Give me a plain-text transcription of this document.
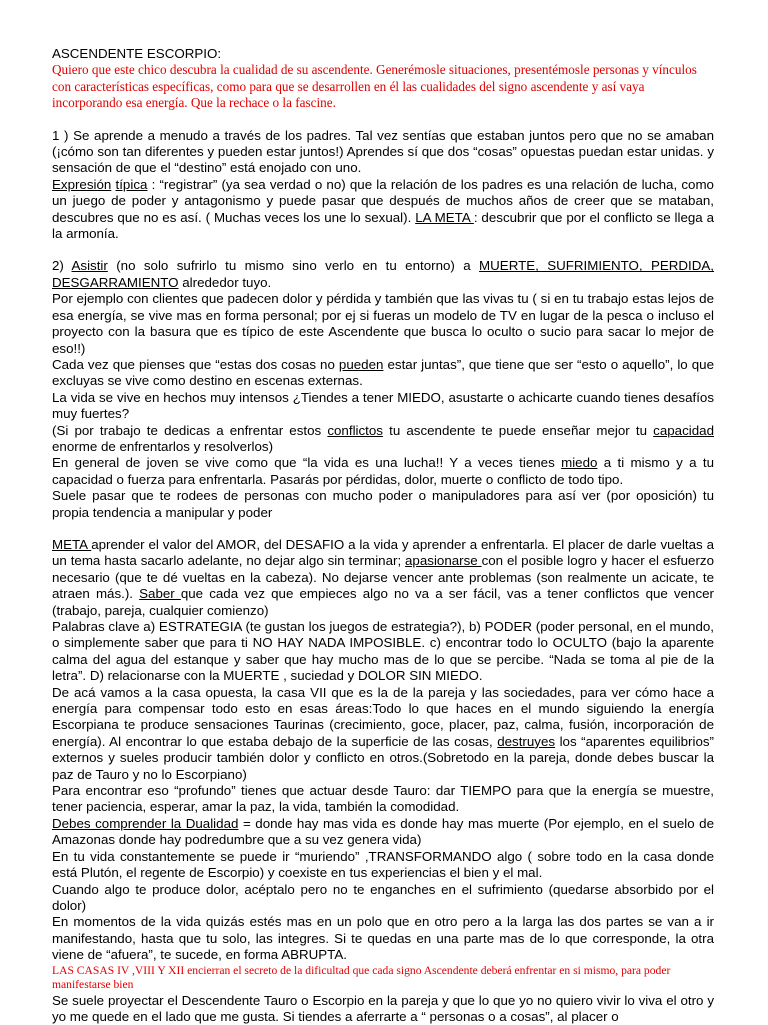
ASCENDENTE ESCORPIO:

Quiero que este chico descubra la cualidad de su ascendente. Generémosle situaciones, presentémosle personas y vínculos con características específicas, como para que se desarrollen en él las cualidades del signo ascendente y así vaya incorporando esa energía. Que la rechace o la fascine.

1 ) Se aprende a menudo a través de los padres. Tal vez sentías que estaban juntos pero que no se amaban (¡cómo son tan diferentes y pueden estar juntos!) Aprendes sí que dos “cosas” opuestas puedan estar unidas. y sensación de que el “destino” está enojado con uno.

Expresión típica : “registrar” (ya sea verdad o no) que la relación de los padres es una relación de lucha, como un juego de poder y antagonismo y puede pasar que después de muchos años de creer que se mataban, descubres que no es así. ( Muchas veces los une lo sexual). LA META : descubrir que por el conflicto se llega a la armonía.

2) Asistir (no solo sufrirlo tu mismo sino verlo en tu entorno) a MUERTE, SUFRIMIENTO, PERDIDA, DESGARRAMIENTO alrededor tuyo.

Por ejemplo con clientes que padecen dolor y pérdida y también que las vivas tu ( si en tu trabajo estas lejos de esa energía, se vive mas en forma personal; por ej si fueras un modelo de TV en lugar de la pesca o incluso el proyecto con la basura que es típico de este Ascendente que busca lo oculto o sucio para sacar lo mejor de eso!!)

Cada vez que pienses que “estas dos cosas no pueden estar juntas”, que tiene que ser “esto o aquello”, lo que excluyas se vive como destino en escenas externas.

La vida se vive en hechos muy intensos ¿Tiendes a tener MIEDO, asustarte o achicarte cuando tienes desafíos muy fuertes?

(Si por trabajo te dedicas a enfrentar estos conflictos tu ascendente te puede enseñar mejor tu capacidad enorme de enfrentarlos y resolverlos)

En general de joven se vive como que “la vida es una lucha!! Y a veces tienes miedo a ti mismo y a tu capacidad o fuerza para enfrentarla. Pasarás por pérdidas, dolor, muerte o conflicto de todo tipo.

Suele pasar que te rodees de personas con mucho poder o manipuladores para así ver (por oposición) tu propia tendencia a manipular y poder

META aprender el valor del AMOR, del DESAFIO a la vida y aprender a enfrentarla. El placer de darle vueltas a un tema hasta sacarlo adelante, no dejar algo sin terminar; apasionarse con el posible logro y hacer el esfuerzo necesario (que te dé vueltas en la cabeza). No dejarse vencer ante problemas (son realmente un acicate, te atraen más.). Saber que cada vez que empieces algo no va a ser fácil, vas a tener conflictos que vencer (trabajo, pareja, cualquier comienzo)

Palabras clave a) ESTRATEGIA (te gustan los juegos de estrategia?), b) PODER (poder personal, en el mundo, o simplemente saber que para ti NO HAY NADA IMPOSIBLE. c) encontrar todo lo OCULTO (bajo la aparente calma del agua del estanque y saber que hay mucho mas de lo que se percibe. “Nada se toma al pie de la letra”. D) relacionarse con la MUERTE , suciedad y DOLOR SIN MIEDO.

De acá vamos a la casa opuesta, la casa VII que es la de la pareja y las sociedades, para ver cómo hace a energía para compensar todo esto en esas áreas:Todo lo que haces en el mundo siguiendo la energía Escorpiana te produce sensaciones Taurinas (crecimiento, goce, placer, paz, calma, fusión, incorporación de energía). Al encontrar lo que estaba debajo de la superficie de las cosas, destruyes los “aparentes equilibrios” externos y sueles producir también dolor y conflicto en otros.(Sobretodo en la pareja, donde debes buscar la paz de Tauro y no lo Escorpiano)

Para encontrar eso “profundo” tienes que actuar desde Tauro: dar TIEMPO para que la energía se muestre, tener paciencia, esperar, amar la paz, la vida, también la comodidad.

Debes comprender la Dualidad = donde hay mas vida es donde hay mas muerte (Por ejemplo, en el suelo de Amazonas donde hay podredumbre que a su vez genera vida)

En tu vida constantemente se puede ir “muriendo” ,TRANSFORMANDO algo ( sobre todo en la casa donde está Plutón, el regente de Escorpio) y coexiste en tus experiencias el bien y el mal.

Cuando algo te produce dolor, acéptalo pero no te enganches en el sufrimiento (quedarse absorbido por el dolor)

En momentos de la vida quizás estés mas en un polo que en otro pero a la larga las dos partes se van a ir manifestando, hasta que tu solo, las integres. Si te quedas en una parte mas de lo que corresponde, la otra viene de “afuera”, te sucede, en forma ABRUPTA.

LAS CASAS IV ,VIII Y XII encierran el secreto de la dificultad que cada signo Ascendente deberá enfrentar en si mismo, para poder manifestarse bien

Se suele proyectar el Descendente Tauro o Escorpio en la pareja y que lo que yo no quiero vivir lo viva el otro y yo me quede en el lado que me gusta. Si tiendes a aferrarte a “ personas o a cosas”, al placer o
